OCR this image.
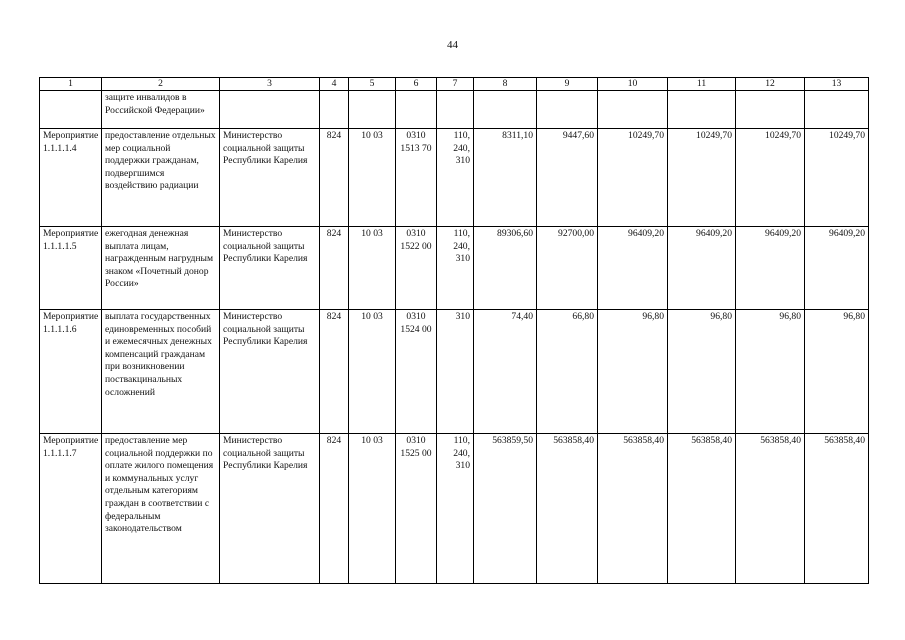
44
1	2	3	4	5	6	7	8	9	10	11	12	13
	защите инвалидов в Российской Федерации»											
Мероприятие 1.1.1.1.4	предоставление отдельных мер социальной поддержки гражданам, подвергшимся воздействию радиации	Министерство социальной защиты Республики Карелия	824	10 03	0310 1513 70	110, 240, 310	8311,10	9447,60	10249,70	10249,70	10249,70	10249,70
Мероприятие 1.1.1.1.5	ежегодная денежная выплата лицам, награжденным нагрудным знаком «Почетный донор России»	Министерство социальной защиты Республики Карелия	824	10 03	0310 1522 00	110, 240, 310	89306,60	92700,00	96409,20	96409,20	96409,20	96409,20
Мероприятие 1.1.1.1.6	выплата государственных единовременных пособий и ежемесячных денежных компенсаций гражданам при возникновении поствакцинальных осложнений	Министерство социальной защиты Республики Карелия	824	10 03	0310 1524 00	310	74,40	66,80	96,80	96,80	96,80	96,80
Мероприятие 1.1.1.1.7	предоставление мер социальной поддержки по оплате жилого помещения и коммунальных услуг отдельным категориям граждан в соответствии с федеральным законодательством	Министерство социальной защиты Республики Карелия	824	10 03	0310 1525 00	110, 240, 310	563859,50	563858,40	563858,40	563858,40	563858,40	563858,40
